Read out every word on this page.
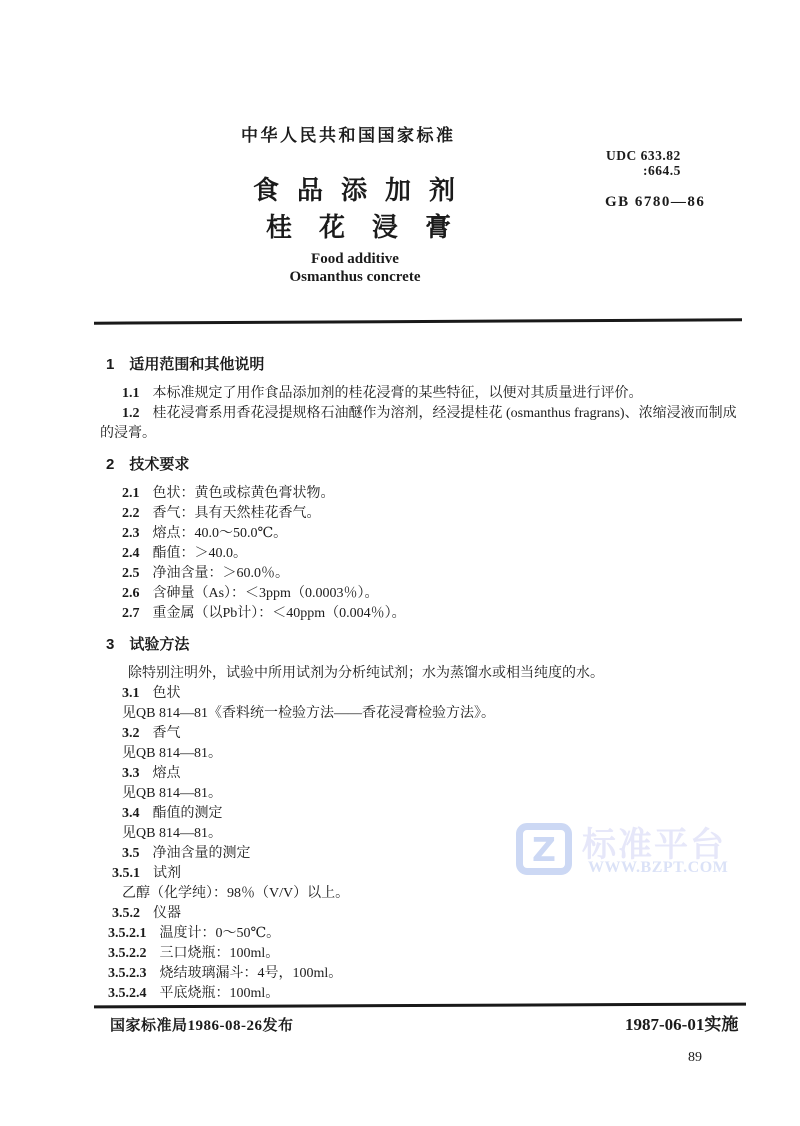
中华人民共和国国家标准
UDC 633.82
:664.5
食品添加剂	GB 6780—86
桂花浸膏
Food additive
Osmanthus concrete

1 适用范围和其他说明

1.1 本标准规定了用作食品添加剂的桂花浸膏的某些特征，以便对其质量进行评价。

1.2 桂花浸膏系用香花浸提规格石油醚作为溶剂，经浸提桂花 (osmanthus fragrans)、浓缩浸液而制成的浸膏。

2 技术要求

2.1 色状：黄色或棕黄色膏状物。

2.2 香气：具有天然桂花香气。

2.3 熔点：40.0～50.0℃。

2.4 酯值：＞40.0。

2.5 净油含量：＞60.0％。

2.6 含砷量（As）：＜3ppm（0.0003％）。

2.7 重金属（以Pb计）：＜40ppm（0.004％）。

3 试验方法

除特别注明外，试验中所用试剂为分析纯试剂；水为蒸馏水或相当纯度的水。

3.1 色状

见QB 814—81《香料统一检验方法——香花浸膏检验方法》。

3.2 香气

见QB 814—81。

3.3 熔点

见QB 814—81。

3.4 酯值的测定

见QB 814—81。

3.5 净油含量的测定

3.5.1 试剂

乙醇（化学纯）：98％（V/V）以上。

3.5.2 仪器

3.5.2.1 温度计：0～50℃。

3.5.2.2 三口烧瓶：100ml。

3.5.2.3 烧结玻璃漏斗：4号，100ml。

3.5.2.4 平底烧瓶：100ml。

国家标准局1986-08-26发布	1987-06-01实施
89
Z 标准平台
WWW.BZPT.COM
